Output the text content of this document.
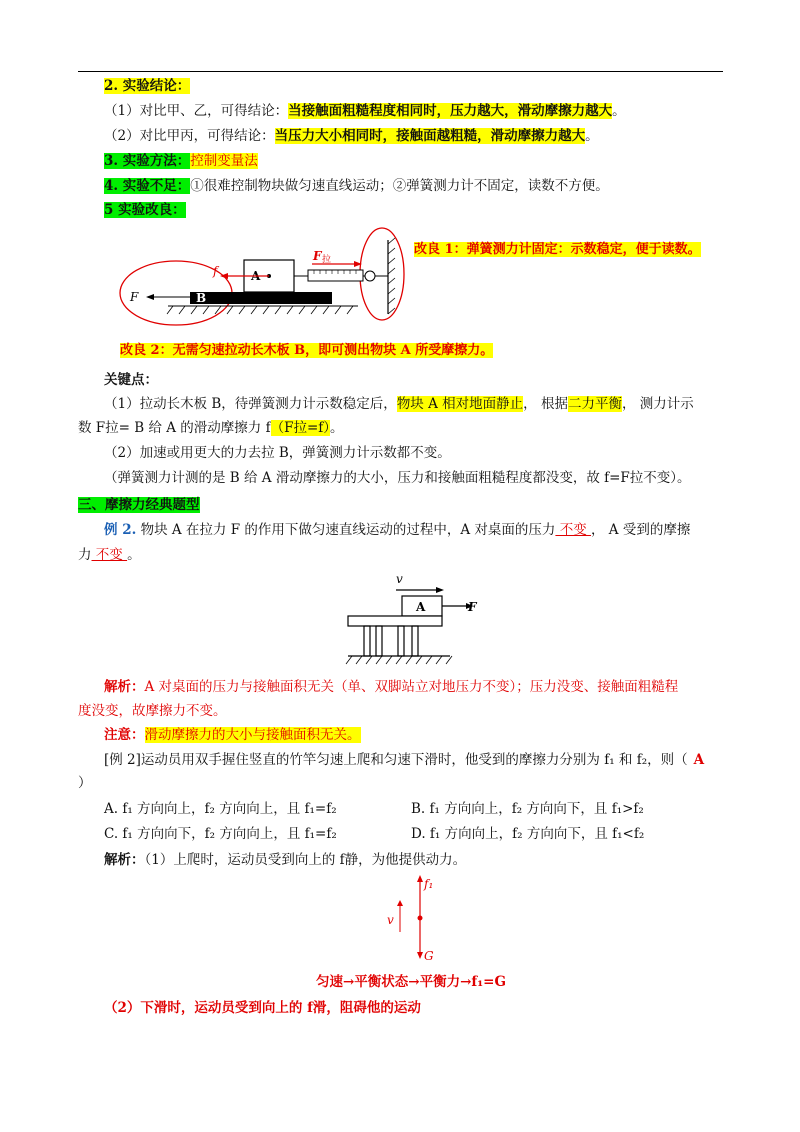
2. 实验结论：
（1）对比甲、乙，可得结论：当接触面粗糙程度相同时，压力越大，滑动摩擦力越大。
（2）对比甲丙，可得结论：当压力大小相同时，接触面越粗糙，滑动摩擦力越大。
3. 实验方法：控制变量法
4. 实验不足：①很难控制物块做匀速直线运动；②弹簧测力计不固定，读数不方便。
5 实验改良：
B
F
A
f
F 拉
改良 1：弹簧测力计固定：示数稳定，便于读数。
改良 2：无需匀速拉动长木板 B，即可测出物块 A 所受摩擦力。
关键点：
（1）拉动长木板 B，待弹簧测力计示数稳定后，物块 A 相对地面静止， 根据二力平衡， 测力计示
数 F拉= B 给 A 的滑动摩擦力 f（F拉=f）。
（2）加速或用更大的力去拉 B，弹簧测力计示数都不变。
（弹簧测力计测的是 B 给 A 滑动摩擦力的大小，压力和接触面粗糙程度都没变，故 f=F拉不变）。
三、摩擦力经典题型
例 2. 物块 A 在拉力 F 的作用下做匀速直线运动的过程中，A 对桌面的压力 不变 ， A 受到的摩擦
力 不变 。
v
A	F
解析：A 对桌面的压力与接触面积无关（单、双脚站立对地压力不变）；压力没变、接触面粗糙程
度没变，故摩擦力不变。
注意：滑动摩擦力的大小与接触面积无关。
[例 2]运动员用双手握住竖直的竹竿匀速上爬和匀速下滑时，他受到的摩擦力分别为 f₁ 和 f₂，则（ A
）
A. f₁ 方向向上，f₂ 方向向上，且 f₁=f₂	B. f₁ 方向向上，f₂ 方向向下，且 f₁>f₂
C. f₁ 方向向下，f₂ 方向向上，且 f₁=f₂	D. f₁ 方向向上，f₂ 方向向下，且 f₁<f₂
解析：（1）上爬时，运动员受到向上的 f静，为他提供动力。
f₁
G
v
匀速→平衡状态→平衡力→f₁=G
（2）下滑时，运动员受到向上的 f滑，阻碍他的运动
